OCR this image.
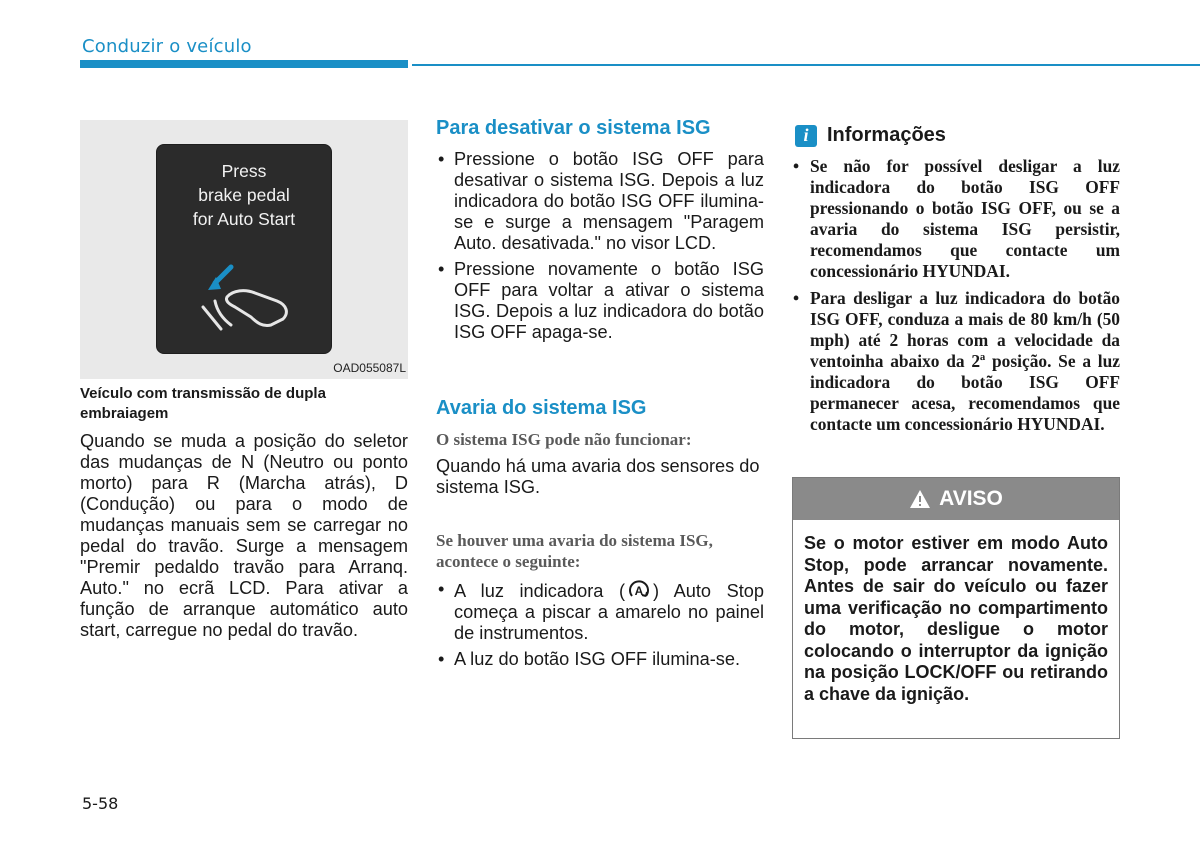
Conduzir o veículo
Press
brake pedal
for Auto Start
OAD055087L
Veículo com transmissão de dupla embraiagem
Quando se muda a posição do seletor das mudanças de N (Neutro ou ponto morto) para R (Marcha atrás), D (Condução) ou para o modo de mudanças manuais sem se carregar no pedal do travão. Surge a mensagem "Premir pedaldo travão para Arranq. Auto." no ecrã LCD. Para ativar a função de arranque automático auto start, carregue no pedal do travão.
Para desativar o sistema ISG
• Pressione o botão ISG OFF para desativar o sistema ISG. Depois a luz indicadora do botão ISG OFF ilumina-se e surge a mensagem "Paragem Auto. desativada." no visor LCD.
• Pressione novamente o botão ISG OFF para voltar a ativar o sistema ISG. Depois a luz indicadora do botão ISG OFF apaga-se.
Avaria do sistema ISG
O sistema ISG pode não funcionar:
Quando há uma avaria dos sensores do sistema ISG.
Se houver uma avaria do sistema ISG, acontece o seguinte:
• A luz indicadora ( A ) Auto Stop começa a piscar a amarelo no painel de instrumentos.
• A luz do botão ISG OFF ilumina-se.
i Informações
• Se não for possível desligar a luz indicadora do botão ISG OFF pressionando o botão ISG OFF, ou se a avaria do sistema ISG persistir, recomendamos que contacte um concessionário HYUNDAI.
• Para desligar a luz indicadora do botão ISG OFF, conduza a mais de 80 km/h (50 mph) até 2 horas com a velocidade da ventoinha abaixo da 2ª posição. Se a luz indicadora do botão ISG OFF permanecer acesa, recomendamos que contacte um concessionário HYUNDAI.
AVISO
Se o motor estiver em modo Auto Stop, pode arrancar novamente. Antes de sair do veículo ou fazer uma verificação no compartimento do motor, desligue o motor colocando o interruptor da ignição na posição LOCK/OFF ou retirando a chave da ignição.
5-58
